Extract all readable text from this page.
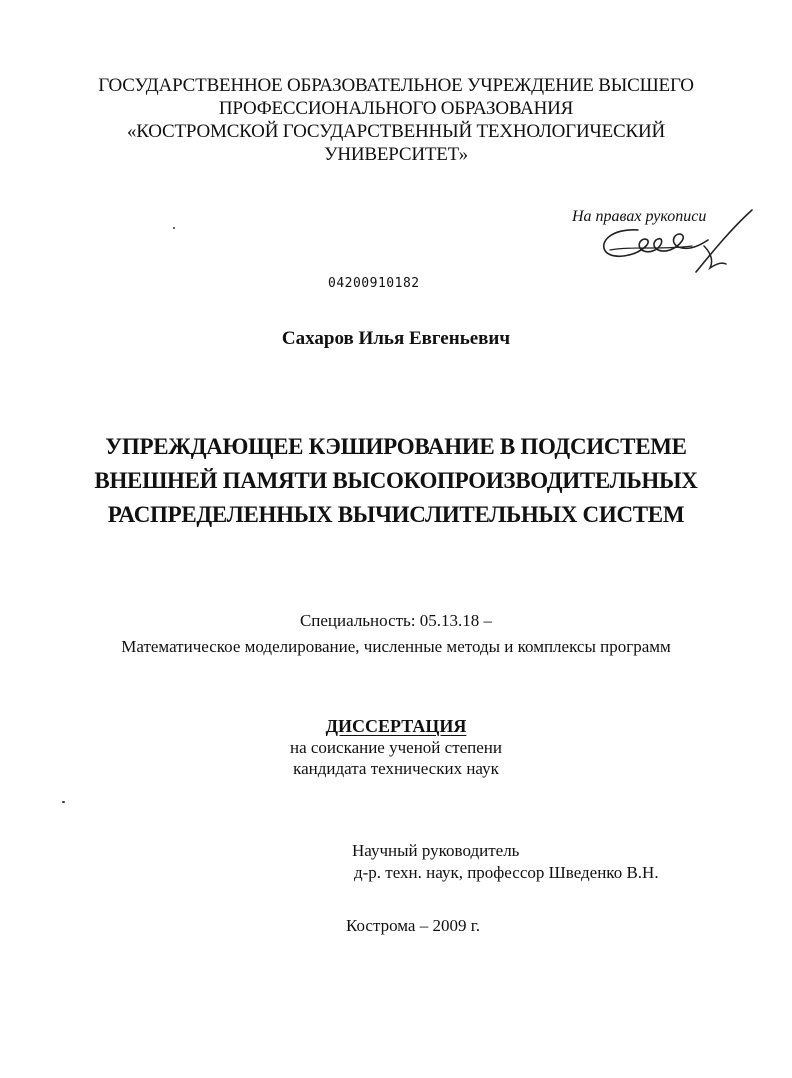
ГОСУДАРСТВЕННОЕ ОБРАЗОВАТЕЛЬНОЕ УЧРЕЖДЕНИЕ ВЫСШЕГО
ПРОФЕССИОНАЛЬНОГО ОБРАЗОВАНИЯ
«КОСТРОМСКОЙ ГОСУДАРСТВЕННЫЙ ТЕХНОЛОГИЧЕСКИЙ
УНИВЕРСИТЕТ»
На правах рукописи
04200910182
Сахаров Илья Евгеньевич
УПРЕЖДАЮЩЕЕ КЭШИРОВАНИЕ В ПОДСИСТЕМЕ
ВНЕШНЕЙ ПАМЯТИ ВЫСОКОПРОИЗВОДИТЕЛЬНЫХ
РАСПРЕДЕЛЕННЫХ ВЫЧИСЛИТЕЛЬНЫХ СИСТЕМ
Специальность: 05.13.18 –
Математическое моделирование, численные методы и комплексы программ
ДИССЕРТАЦИЯ
на соискание ученой степени
кандидата технических наук
Научный руководитель
д-р. техн. наук, профессор Шведенко В.Н.
Кострома – 2009 г.
